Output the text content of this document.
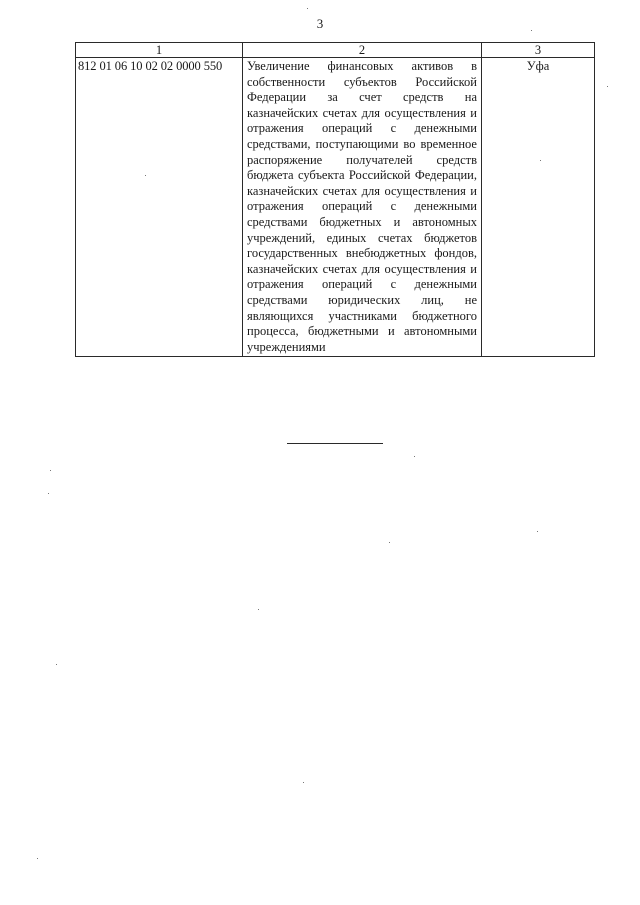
3
1	2	3
812 01 06 10 02 02 0000 550	Увеличение финансовых активов в собственности субъектов Российской Федерации за счет средств на казначейских счетах для осуществления и отражения операций с денежными средствами, поступающими во временное распоряжение получателей средств бюджета субъекта Российской Федерации, казначейских счетах для осуществления и отражения операций с денежными средствами бюджетных и автономных учреждений, единых счетах бюджетов государственных внебюджетных фондов, казначейских счетах для осуществления и отражения операций с денежными средствами юридических лиц, не являющихся участниками бюджетного процесса, бюджетными и автономными учреждениями	Уфа
